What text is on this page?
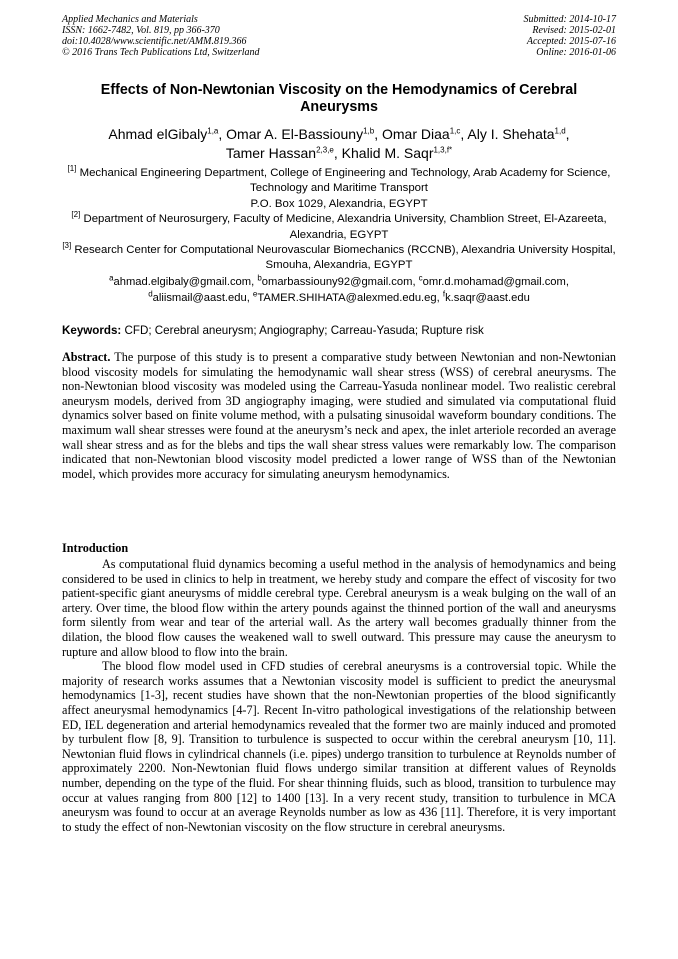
Applied Mechanics and Materials
ISSN: 1662-7482, Vol. 819, pp 366-370
doi:10.4028/www.scientific.net/AMM.819.366
© 2016 Trans Tech Publications Ltd, Switzerland
Submitted: 2014-10-17
Revised: 2015-02-01
Accepted: 2015-07-16
Online: 2016-01-06
Effects of Non-Newtonian Viscosity on the Hemodynamics of Cerebral Aneurysms
Ahmad elGibaly$^{1,a}$, Omar A. El-Bassiouny$^{1,b}$, Omar Diaa$^{1,c}$, Aly I. Shehata$^{1,d}$,
Tamer Hassan$^{2,3,e}$, Khalid M. Saqr$^{1,3,f*}$

[1] Mechanical Engineering Department, College of Engineering and Technology, Arab Academy for Science, Technology and Maritime Transport
P.O. Box 1029, Alexandria, EGYPT

[2] Department of Neurosurgery, Faculty of Medicine, Alexandria University, Chamblion Street, El-Azareeta, Alexandria, EGYPT

[3] Research Center for Computational Neurovascular Biomechanics (RCCNB), Alexandria University Hospital, Smouha, Alexandria, EGYPT

$^a$ahmad.elgibaly@gmail.com, $^b$omarbassiouny92@gmail.com, $^c$omr.d.mohamad@gmail.com,
$^d$aliismail@aast.edu, $^e$TAMER.SHIHATA@alexmed.edu.eg, $^f$k.saqr@aast.edu
Keywords: CFD; Cerebral aneurysm; Angiography; Carreau-Yasuda; Rupture risk

Abstract. The purpose of this study is to present a comparative study between Newtonian and non-Newtonian blood viscosity models for simulating the hemodynamic wall shear stress (WSS) of cerebral aneurysms. The non-Newtonian blood viscosity was modeled using the Carreau-Yasuda nonlinear model. Two realistic cerebral aneurysm models, derived from 3D angiography imaging, were studied and simulated via computational fluid dynamics solver based on finite volume method, with a pulsating sinusoidal waveform boundary conditions. The maximum wall shear stresses were found at the aneurysm’s neck and apex, the inlet arteriole recorded an average wall shear stress and as for the blebs and tips the wall shear stress values were remarkably low. The comparison indicated that non-Newtonian blood viscosity model predicted a lower range of WSS than of the Newtonian model, which provides more accuracy for simulating aneurysm hemodynamics.

Introduction

As computational fluid dynamics becoming a useful method in the analysis of hemodynamics and being considered to be used in clinics to help in treatment, we hereby study and compare the effect of viscosity for two patient-specific giant aneurysms of middle cerebral type. Cerebral aneurysm is a weak bulging on the wall of an artery. Over time, the blood flow within the artery pounds against the thinned portion of the wall and aneurysms form silently from wear and tear of the arterial wall. As the artery wall becomes gradually thinner from the dilation, the blood flow causes the weakened wall to swell outward. This pressure may cause the aneurysm to rupture and allow blood to flow into the brain.

The blood flow model used in CFD studies of cerebral aneurysms is a controversial topic. While the majority of research works assumes that a Newtonian viscosity model is sufficient to predict the aneurysmal hemodynamics [1-3], recent studies have shown that the non-Newtonian properties of the blood significantly affect aneurysmal hemodynamics [4-7]. Recent In-vitro pathological investigations of the relationship between ED, IEL degeneration and arterial hemodynamics revealed that the former two are mainly induced and promoted by turbulent flow [8, 9]. Transition to turbulence is suspected to occur within the cerebral aneurysm [10, 11]. Newtonian fluid flows in cylindrical channels (i.e. pipes) undergo transition to turbulence at Reynolds number of approximately 2200. Non-Newtonian fluid flows undergo similar transition at different values of Reynolds number, depending on the type of the fluid. For shear thinning fluids, such as blood, transition to turbulence may occur at values ranging from 800 [12] to 1400 [13]. In a very recent study, transition to turbulence in MCA aneurysm was found to occur at an average Reynolds number as low as 436 [11]. Therefore, it is very important to study the effect of non-Newtonian viscosity on the flow structure in cerebral aneurysms.
